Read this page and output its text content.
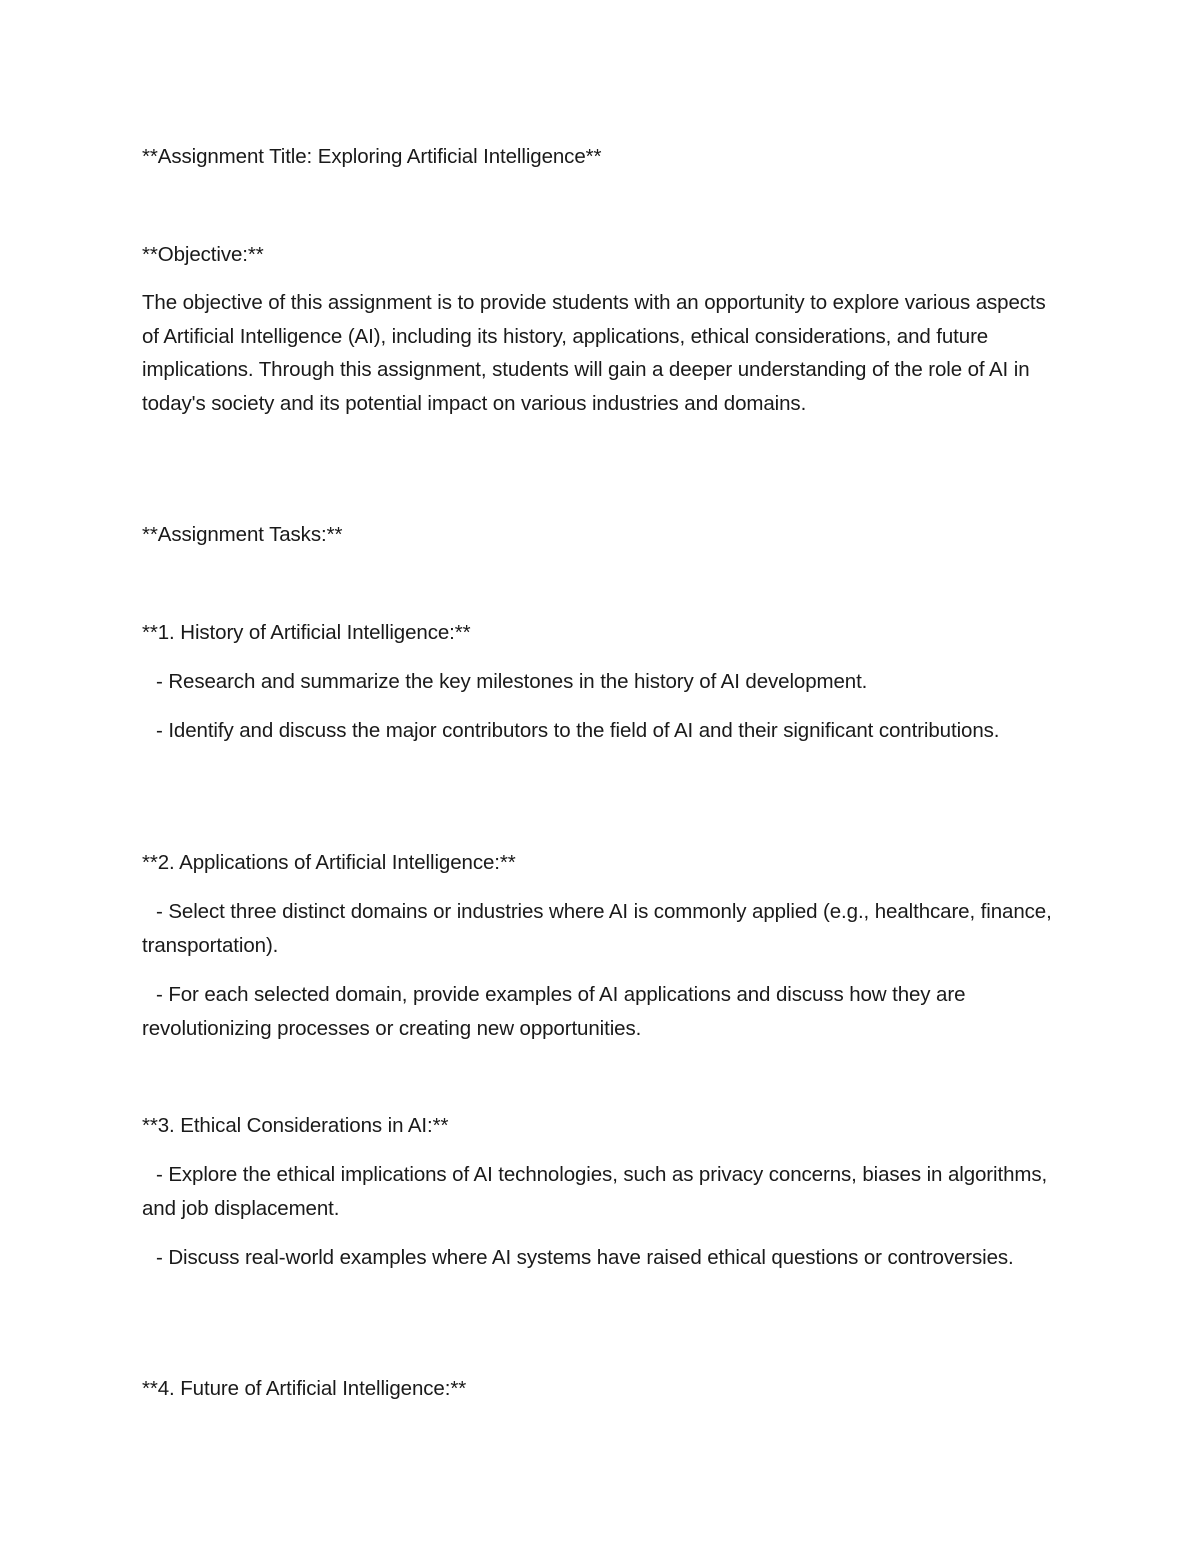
**Assignment Title: Exploring Artificial Intelligence**

**Objective:**

The objective of this assignment is to provide students with an opportunity to explore various aspects of Artificial Intelligence (AI), including its history, applications, ethical considerations, and future implications. Through this assignment, students will gain a deeper understanding of the role of AI in today's society and its potential impact on various industries and domains.

**Assignment Tasks:**

**1. History of Artificial Intelligence:**

- Research and summarize the key milestones in the history of AI development.

- Identify and discuss the major contributors to the field of AI and their significant contributions.

**2. Applications of Artificial Intelligence:**

- Select three distinct domains or industries where AI is commonly applied (e.g., healthcare, finance, transportation).

- For each selected domain, provide examples of AI applications and discuss how they are revolutionizing processes or creating new opportunities.

**3. Ethical Considerations in AI:**

- Explore the ethical implications of AI technologies, such as privacy concerns, biases in algorithms, and job displacement.

- Discuss real-world examples where AI systems have raised ethical questions or controversies.

**4. Future of Artificial Intelligence:**
